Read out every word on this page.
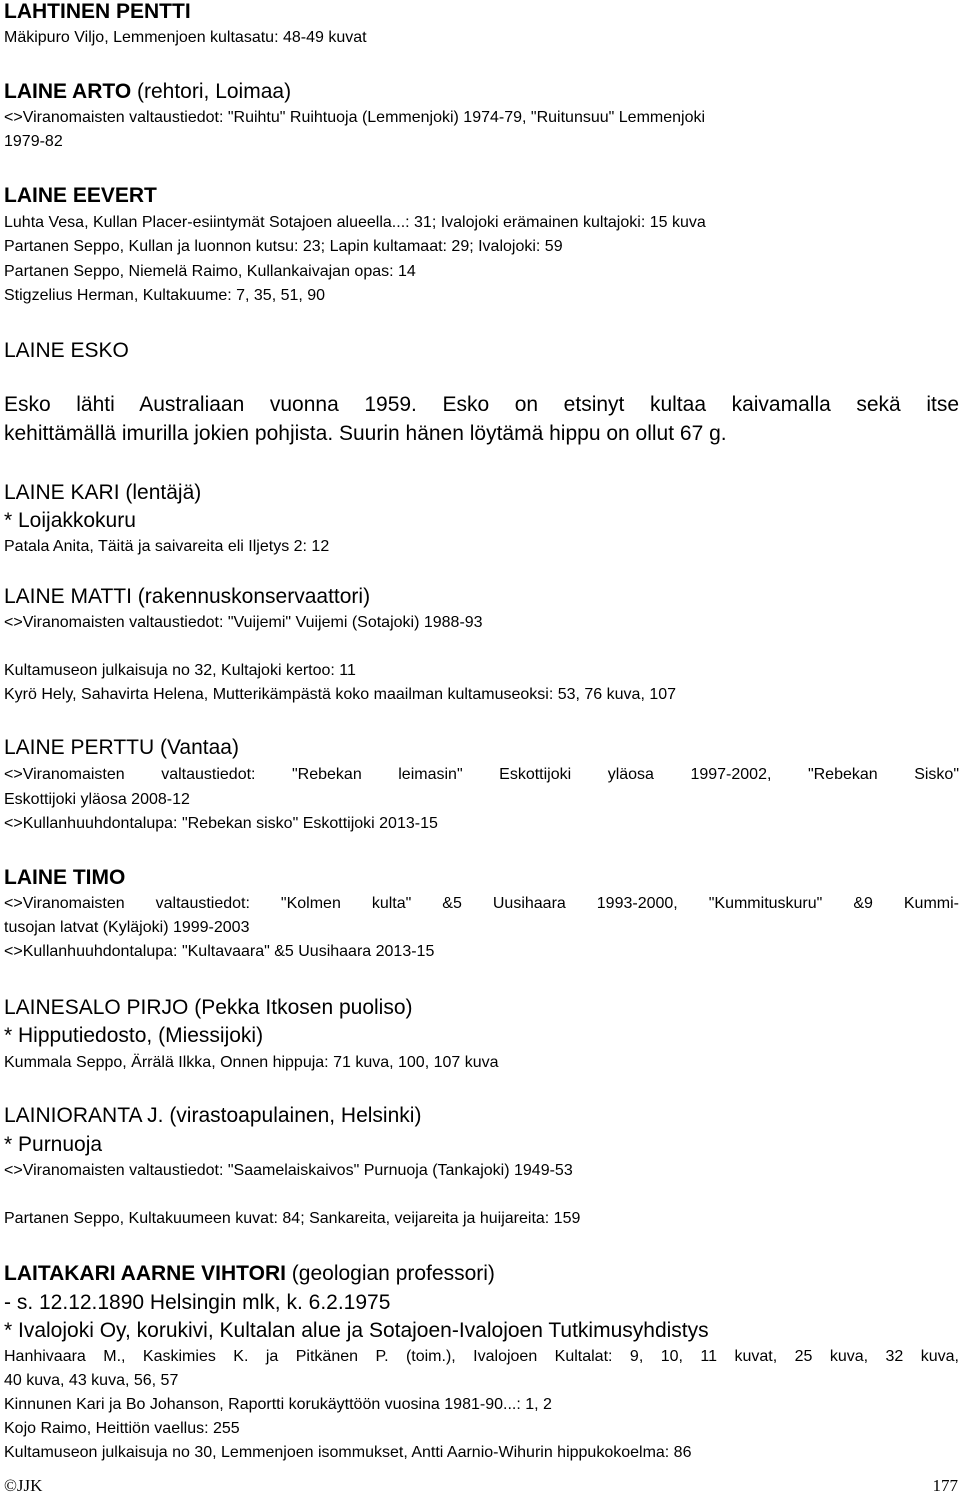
LAHTINEN PENTTI
Mäkipuro Viljo, Lemmenjoen kultasatu: 48-49 kuvat
LAINE ARTO (rehtori, Loimaa)
<>Viranomaisten valtaustiedot: "Ruihtu" Ruihtuoja (Lemmenjoki) 1974-79, "Ruitunsuu" Lemmenjoki
1979-82
LAINE EEVERT
Luhta Vesa, Kullan Placer-esiintymät Sotajoen alueella...: 31; Ivalojoki erämainen kultajoki: 15 kuva
Partanen Seppo, Kullan ja luonnon kutsu: 23; Lapin kultamaat: 29; Ivalojoki: 59
Partanen Seppo, Niemelä Raimo, Kullankaivajan opas: 14
Stigzelius Herman, Kultakuume: 7, 35, 51, 90
LAINE ESKO
Esko lähti Australiaan vuonna 1959. Esko on etsinyt kultaa kaivamalla sekä itse
kehittämällä imurilla jokien pohjista. Suurin hänen löytämä hippu on ollut 67 g.
LAINE KARI (lentäjä)
* Loijakkokuru
Patala Anita, Täitä ja saivareita eli Iljetys 2: 12
LAINE MATTI (rakennuskonservaattori)
<>Viranomaisten valtaustiedot: "Vuijemi" Vuijemi (Sotajoki) 1988-93
Kultamuseon julkaisuja no 32, Kultajoki kertoo: 11
Kyrö Hely, Sahavirta Helena, Mutterikämpästä koko maailman kultamuseoksi: 53, 76 kuva, 107
LAINE PERTTU (Vantaa)
<>Viranomaisten valtaustiedot: "Rebekan leimasin" Eskottijoki yläosa 1997-2002, "Rebekan Sisko"
Eskottijoki yläosa 2008-12
<>Kullanhuuhdontalupa: "Rebekan sisko" Eskottijoki 2013-15
LAINE TIMO
<>Viranomaisten valtaustiedot: "Kolmen kulta" &5 Uusihaara 1993-2000, "Kummituskuru" &9 Kummi-
tusojan latvat (Kyläjoki) 1999-2003
<>Kullanhuuhdontalupa: "Kultavaara" &5 Uusihaara 2013-15
LAINESALO PIRJO (Pekka Itkosen puoliso)
* Hipputiedosto, (Miessijoki)
Kummala Seppo, Ärrälä Ilkka, Onnen hippuja: 71 kuva, 100, 107 kuva
LAINIORANTA J. (virastoapulainen, Helsinki)
* Purnuoja
<>Viranomaisten valtaustiedot: "Saamelaiskaivos" Purnuoja (Tankajoki) 1949-53
Partanen Seppo, Kultakuumeen kuvat: 84; Sankareita, veijareita ja huijareita: 159
LAITAKARI AARNE VIHTORI (geologian professori)
- s. 12.12.1890 Helsingin mlk, k. 6.2.1975
* Ivalojoki Oy, korukivi, Kultalan alue ja Sotajoen-Ivalojoen Tutkimusyhdistys
Hanhivaara M., Kaskimies K. ja Pitkänen P. (toim.), Ivalojoen Kultalat: 9, 10, 11 kuvat, 25 kuva, 32 kuva,
40 kuva, 43 kuva, 56, 57
Kinnunen Kari ja Bo Johanson, Raportti korukäyttöön vuosina 1981-90...: 1, 2
Kojo Raimo, Heittiön vaellus: 255
Kultamuseon julkaisuja no 30, Lemmenjoen isommukset, Antti Aarnio-Wihurin hippukokoelma: 86
©JJK	177
